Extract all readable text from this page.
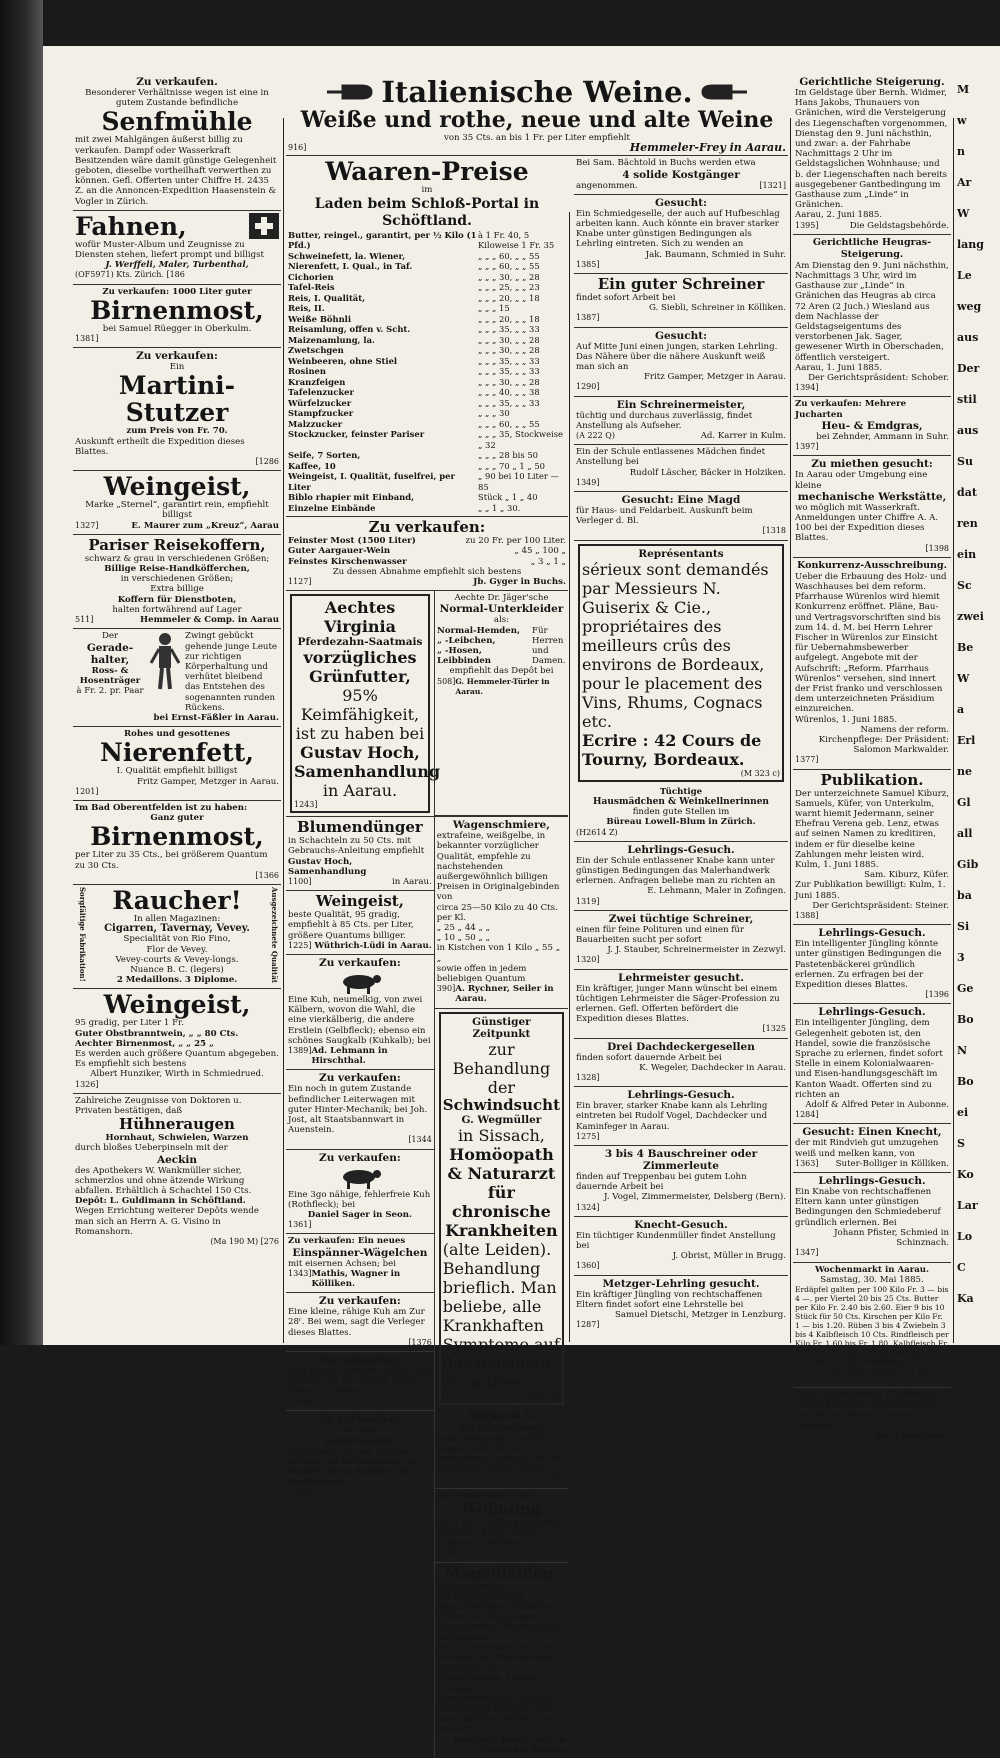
Zu verkaufen.
Besonderer Verhältnisse wegen ist eine in gutem Zustande befindliche
Senfmühle
mit zwei Mahlgängen äußerst billig zu verkaufen. Dampf oder Wasserkraft Besitzenden wäre damit günstige Gelegenheit geboten, dieselbe vortheilhaft verwerthen zu können. Gefl. Offerten unter Chiffre H. 2435 Z. an die Annoncen-Expedition Haasenstein & Vogler in Zürich.
Fahnen,
wofür Muster-Album und Zeugnisse zu Diensten stehen, liefert prompt und billigst
J. Werffeli, Maler, Turbenthal,
(OF5971) Kts. Zürich. [186
Zu verkaufen: 1000 Liter guter
Birnenmost,
bei Samuel Rüegger in Oberkulm.
1381]
Zu verkaufen:
Ein
Martini-Stutzer
zum Preis von Fr. 70.
Auskunft ertheilt die Expedition dieses Blattes.
[1286
Weingeist,
Marke „Sternel“, garantirt rein, empfiehlt billigst
1327]	E. Maurer zum „Kreuz“, Aarau
Pariser Reisekoffern,
schwarz & grau in verschiedenen Größen;
Billige Reise-Handköfferchen,
in verschiedenen Größen;
Extra billige
Koffern für Dienstboten,
halten fortwährend auf Lager
511]	Hemmeler & Comp. in Aarau
Der
Gerade-
halter,
Ross- & Hosenträger
à Fr. 2. pr. Paar
Zwingt gebückt gehende junge Leute zur richtigen Körperhaltung und verhütet bleibend das Entstehen des sogenannten runden Rückens.
bei Ernst-Fäßler in Aarau.
Rohes und gesottenes
Nierenfett,
I. Qualität empfiehlt billigst
Fritz Gamper, Metzger in Aarau.
1201]
Im Bad Oberentfelden ist zu haben:
Ganz guter
Birnenmost,
per Liter zu 35 Cts., bei größerem Quantum zu 30 Cts.
[1366
Sorgfältige Fabrikation!	Raucher!
In allen Magazinen:
Cigarren, Tavernay, Vevey.
Specialität von Rio Fino,
Flor de Vevey.
Vevey-courts & Vevey-longs.
Nuance B. C. (legers)
2 Medaillons. 3 Diplome.	Ausgezeichnete Qualität
Weingeist,
95 gradig, per Liter 1 Fr.
Guter Obstbranntwein, „ „ 80 Cts.
Aechter Birnenmost, „ „ 25 „
Es werden auch größere Quantum abgegeben. Es empfiehlt sich bestens
Albert Hunziker, Wirth in Schmiedrued.
1326]
Zahlreiche Zeugnisse von Doktoren u. Privaten bestätigen, daß
Hühneraugen
Hornhaut, Schwielen, Warzen
durch bloßes Ueberpinseln mit der
Aeckin
des Apothekers W. Wankmüller sicher, schmerzlos und ohne ätzende Wirkung abfallen. Erhältlich à Schachtel 150 Cts.
Depôt: L. Guldimann in Schöftland.
Wegen Errichtung weiterer Depôts wende man sich an Herrn A. G. Visino in Romanshorn.
(Ma 190 M) [276
Italienische Weine.
Weiße und rothe, neue und alte Weine
von 35 Cts. an bis 1 Fr. per Liter empfiehlt
916]	Hemmeler-Frey in Aarau.
Waaren-Preise
im
Laden beim Schloß-Portal in Schöftland.
Butter, reingel., garantirt, per ½ Kilo (1 Pfd.)
à 1 Fr. 40, 5 Kiloweise 1 Fr. 35
Schweinefett, la. Wiener,	„ „ „ 60, „ „ 55
Nierenfett, I. Qual., in Taf.	„ „ „ 60, „ „ 55
Cichorien	„ „ „ 30, „ „ 28
Tafel-Reis	„ „ „ 25, „ „ 23
Reis, I. Qualität,	„ „ „ 20, „ „ 18
Reis, II.	„ „ „ 15
Weiße Böhnli	„ „ „ 20, „ „ 18
Reisamlung, offen v. Scht.	„ „ „ 35, „ „ 33
Maizenamlung, la.	„ „ „ 30, „ „ 28
Zwetschgen	„ „ „ 30, „ „ 28
Weinbeeren, ohne Stiel	„ „ „ 35, „ „ 33
Rosinen	„ „ „ 35, „ „ 33
Kranzfeigen	„ „ „ 30, „ „ 28
Tafelenzucker	„ „ „ 40, „ „ 38
Würfelzucker	„ „ „ 35, „ „ 33
Stampfzucker	„ „ „ 30
Malzzucker	„ „ „ 60, „ „ 55
Stockzucker, feinster Pariser	„ „ „ 35, Stockweise „ 32
Seife, 7 Sorten,	„ „ „ 28 bis 50
Kaffee, 10	„ „ „ 70 „ 1 „ 50
Weingeist, I. Qualität, fuselfrei, per Liter
„ 90 bei 10 Liter — 85
Biblo rhapier mit Einband,	Stück „ 1 „ 40
Einzelne Einbände	„ „ 1 „ 30.
Zu verkaufen:
Feinster Most (1500 Liter)	zu 20 Fr. per 100 Liter.
Guter Aargauer-Wein	„ 45 „ 100 „
Feinstes Kirschenwasser	„ 3 „ 1 „
Zu dessen Abnahme empfiehlt sich bestens
1127]	Jb. Gyger in Buchs.
Aechtes Virginia
Pferdezahn-Saatmais
vorzügliches Grünfutter,
95% Keimfähigkeit,
ist zu haben bei
Gustav Hoch, Samenhandlung
in Aarau.
1243]
Aechte Dr. Jäger'sche
Normal-Unterkleider
als:
Normal-Hemden,
„ -Leibchen,
„ -Hosen,
Leibbinden
Für Herren und Damen.
empfiehlt das Depôt bei
508] G. Hemmeler-Türler in Aarau.
Blumendünger
in Schachteln zu 50 Cts. mit Gebrauchs-Anleitung empfiehlt
Gustav Hoch, Samenhandlung
1100]	in Aarau.
Weingeist,
beste Qualität, 95 gradig, empfiehlt à 85 Cts. per Liter, größere Quantums billiger.
1225] Wüthrich-Lüdi in Aarau.
Zu verkaufen:
Eine Kuh, neumelkig, von zwei Kälbern, wovon die Wahl, die eine vierkälberig, die andere Erstlein (Gelbfleck); ebenso ein schönes Saugkalb (Kuhkalb); bei
1389] Ad. Lehmann in Hirschthal.
Zu verkaufen:
Ein noch in gutem Zustande befindlicher Leiterwagen mit guter Hinter-Mechanik; bei Joh. Jost, alt Staatsbannwart in Auenstein.
[1344
Zu verkaufen:
Eine 3go nähige, fehlerfreie Kuh (Rothfleck); bei
Daniel Sager in Seon.
1361]
Zu verkaufen: Ein neues
Einspänner-Wägelchen
mit eisernen Achsen; bei
1343] Mathis, Wagner in Kölliken.
Zu verkaufen:
Eine kleine, rähige Kuh am Zur 28ʳ. Bei wem, sagt die Verleger dieses Blattes.
[1376
Zu verkaufen:
Eine junge, schwere, nähige Kuh (Rothfleck); bei Wittwe Lüthy-Hänn in Holziken.
1345]
Zu verkaufen:
Ein neuer
Leiterwagen
(Festigkeit 18'') mit eisernen Achsen und Vormechanik; bei
Rudolf Gloor, Schmied in Staffelbach.
1353]
Wagenschmiere,
extrafeine, weißgelbe, in bekannter vorzüglicher Qualität, empfehle zu nachstehenden außergewöhnlich billigen Preisen in Originalgebinden von
circa 25—50 Kilo zu 40 Cts. per Kl.
„ 25 „ 44 „ „
„ 10 „ 50 „ „
in Kistchen von 1 Kilo „ 55 „ „
sowie offen in jedem beliebigen Quantum
390] A. Rychner, Seiler in Aarau.
Günstiger Zeitpunkt
zur Behandlung der
Schwindsucht
G. Wegmüller
in Sissach,
Homöopath & Naturarzt
für chronische Krankheiten
(alte Leiden). Behandlung brieflich. Man beliebe, alle Krankhaften Symptome auf das genauste zu notiren.
(O 7651 B)
Bäckerei & Mehlhandlung
nebst Wohnung ist sofort wegen Todesfall zu vermiethen. Anfragen an die Expedition dieses Blattes.
[1379
Zu vermiethen: Eine
Wohnung
mit 2 bis 3 schön gelegenen Zimmern, bei St. Walter, Schmied in Kölliken.
1382]
Magenleiden,
Magenschwäche, Verdauungsstörung, Appetitlosigkeit, Aufstoßen, Erbrechen, Blähungen, Magenkrampf, Mundgeruch, Darmleiden, Bauchschmerzen, Durchfall, Verstopfung, Würmerleiden, Bandwurm etc., Hämorrhoiden, Lungen-, Kehlkopf- und Herzkrankheiten, Epilepsie, Ohrenleiden behandle mit unschädlichen Mitteln, auch brieflich
Bergfeld, prakt. Arzt in Mollis bei Glarus.
Bei Sam. Bächtold in Buchs werden etwa
4 solide Kostgänger
angenommen.	[1321]
Gesucht:
Ein Schmiedgeselle, der auch auf Hufbeschlag arbeiten kann. Auch könnte ein braver starker Knabe unter günstigen Bedingungen als Lehrling eintreten. Sich zu wenden an
Jak. Baumann, Schmied in Suhr.
1385]
Ein guter Schreiner
findet sofort Arbeit bei
G. Siebli, Schreiner in Kölliken.
1387]
Gesucht:
Auf Mitte Juni einen jungen, starken Lehrling. Das Nähere über die nähere Auskunft weiß man sich an
Fritz Gamper, Metzger in Aarau.
1290]
Ein Schreinermeister,
tüchtig und durchaus zuverlässig, findet Anstellung als Aufseher.
(A 222 Q)	Ad. Karrer in Kulm.
Ein der Schule entlassenes Mädchen findet Anstellung bei
Rudolf Läscher, Bäcker in Holziken.
1349]
Gesucht: Eine Magd
für Haus- und Feldarbeit. Auskunft beim Verleger d. Bl.
[1318
Représentants
sérieux sont demandés par Messieurs N. Guiserix & Cie., propriétaires des meilleurs crûs des environs de Bordeaux, pour le placement des Vins, Rhums, Cognacs etc.
Ecrire : 42 Cours de Tourny, Bordeaux.
(M 323 c)
Tüchtige
Hausmädchen & Weinkellnerinnen
finden gute Stellen im
Büreau Lowell-Blum in Zürich.
(H2614 Z)
Lehrlings-Gesuch.
Ein der Schule entlassener Knabe kann unter günstigen Bedingungen das Malerhandwerk erlernen. Anfragen beliebe man zu richten an
E. Lehmann, Maler in Zofingen.
1319]
Zwei tüchtige Schreiner,
einen für feine Polituren und einen für Bauarbeiten sucht per sofort
J. J. Stauber, Schreinermeister in Zezwyl.
1320]
Lehrmeister gesucht.
Ein kräftiger, junger Mann wünscht bei einem tüchtigen Lehrmeister die Säger-Profession zu erlernen. Gefl. Offerten befördert die Expedition dieses Blattes.
[1325
Drei Dachdeckergesellen
finden sofort dauernde Arbeit bei
K. Wegeler, Dachdecker in Aarau.
1328]
Lehrlings-Gesuch.
Ein braver, starker Knabe kann als Lehrling eintreten bei Rudolf Vogel, Dachdecker und Kaminfeger in Aarau.
1275]
3 bis 4 Bauschreiner oder Zimmerleute
finden auf Treppenbau bei gutem Lohn dauernde Arbeit bei
J. Vogel, Zimmermeister, Delsberg (Bern).
1324]
Knecht-Gesuch.
Ein tüchtiger Kundenmüller findet Anstellung bei
J. Obrist, Müller in Brugg.
1360]
Metzger-Lehrling gesucht.
Ein kräftiger Jüngling von rechtschaffenen Eltern findet sofort eine Lehrstelle bei
Samuel Dietschi, Metzger in Lenzburg.
1287]
Gerichtliche Steigerung.
Im Geldstage über Bernh. Widmer, Hans Jakobs, Thunauers von Gränichen, wird die Versteigerung des Liegenschaften vorgenommen, Dienstag den 9. Juni nächsthin, und zwar: a. der Fahrhabe Nachmittags 2 Uhr im Geldstagslichen Wohnhause; und b. der Liegenschaften nach bereits ausgegebener Gantbedingung im Gasthause zum „Linde“ in Gränichen.
Aarau, 2. Juni 1885.
1395]	Die Geldstagsbehörde.
Gerichtliche Heugras-Steigerung.
Am Dienstag den 9. Juni nächsthin, Nachmittags 3 Uhr, wird im Gasthause zur „Linde“ in Gränichen das Heugras ab circa 72 Aren (2 Juch.) Wiesland aus dem Nachlasse der Geldstagseigentums des verstorbenen Jak. Sager, gewesener Wirth in Oberschaden, öffentlich versteigert.
Aarau, 1. Juni 1885.
Der Gerichtspräsident: Schober.
1394]
Zu verkaufen: Mehrere Jucharten
Heu- & Emdgras,
bei Zehnder, Ammann in Suhr.
1397]
Zu miethen gesucht:
In Aarau oder Umgebung eine kleine
mechanische Werkstätte,
wo möglich mit Wasserkraft. Anmeldungen unter Chiffre A. A. 100 bei der Expedition dieses Blattes.
[1398
Konkurrenz-Ausschreibung.
Ueber die Erbauung des Holz- und Waschhauses bei dem reform. Pfarrhause Würenlos wird hiemit Konkurrenz eröffnet. Pläne, Bau- und Vertragsvorschriften sind bis zum 14. d. M. bei Herrn Lehrer Fischer in Würenlos zur Einsicht für Uebernahmsbewerber aufgelegt. Angebote mit der Aufschrift: „Reform. Pfarrhaus Würenlos“ versehen, sind innert der Frist franko und verschlossen dem unterzeichneten Präsidium einzureichen.
Würenlos, 1. Juni 1885.
Namens der reform. Kirchenpflege: Der Präsident: Salomon Markwalder.
1377]
Publikation.
Der unterzeichnete Samuel Kiburz, Samuels, Küfer, von Unterkulm, warnt hiemit Jedermann, seiner Ehefrau Verena geb. Lenz, etwas auf seinen Namen zu kreditiren, indem er für dieselbe keine Zahlungen mehr leisten wird.
Kulm, 1. Juni 1885.
Sam. Kiburz, Küfer.
Zur Publikation bewilligt: Kulm, 1. Juni 1885.
Der Gerichtspräsident: Steiner.
1388]
Lehrlings-Gesuch.
Ein intelligenter Jüngling könnte unter günstigen Bedingungen die Pastetenbäckerei gründlich erlernen. Zu erfragen bei der Expedition dieses Blattes.
[1396
Lehrlings-Gesuch.
Ein intelligenter Jüngling, dem Gelegenheit geboten ist, den Handel, sowie die französische Sprache zu erlernen, findet sofort Stelle in einem Kolonialwaaren- und Eisen-handlungsgeschäft im Kanton Waadt. Offerten sind zu richten an
Adolf & Alfred Peter in Aubonne.
1284]
Gesucht: Einen Knecht,
der mit Rindvieh gut umzugehen weiß und melken kann, von
1363] Suter-Bolliger in Kölliken.
Lehrlings-Gesuch.
Ein Knabe von rechtschaffenen Eltern kann unter günstigen Bedingungen den Schmiedeberuf gründlich erlernen. Bei
Johann Pfister, Schmied in Schinznach.
1347]
Wochenmarkt in Aarau.
Samstag, 30. Mai 1885.
Erdäpfel galten per 100 Kilo Fr. 3 — bis 4 —, per Viertel 20 bis 25 Cts. Butter per Kilo Fr. 2.40 bis 2.60. Eier 9 bis 10 Stück für 50 Cts. Kirschen per Kilo Fr. 1 — bis 1.20. Rüben 3 bis 4 Zwiebeln 3 bis 4 Kalbfleisch 10 Cts. Rindfleisch per Kilo Fr. 1.60 bis Fr. 1.80. Kalbfleisch Fr. 1.40 bis Fr. 1.60. Schweinefleisch Fr. 1.50 bis Fr. 1.80. Schaffleisch Fr. 1.40 bis Fr. 1.60. Dürrer Speck Fr. 1.80 bis Fr. 2 —
Eines eingetretenen Hindernisses wegen kann der Sommerfahrplan erst der nächsten Nummer beilegen.
Die Expedition.
M
w
n
Ar
W
lang
Le
weg
aus
Der
stil
aus
Su
dat
ren
ein
Sc
zwei
Be
W
a
Erl
ne
Gl
all
Gib
ba
Si
3
Ge
Bo
N
Bo
ei
S
Ko
Lar
Lo
C
Ka
